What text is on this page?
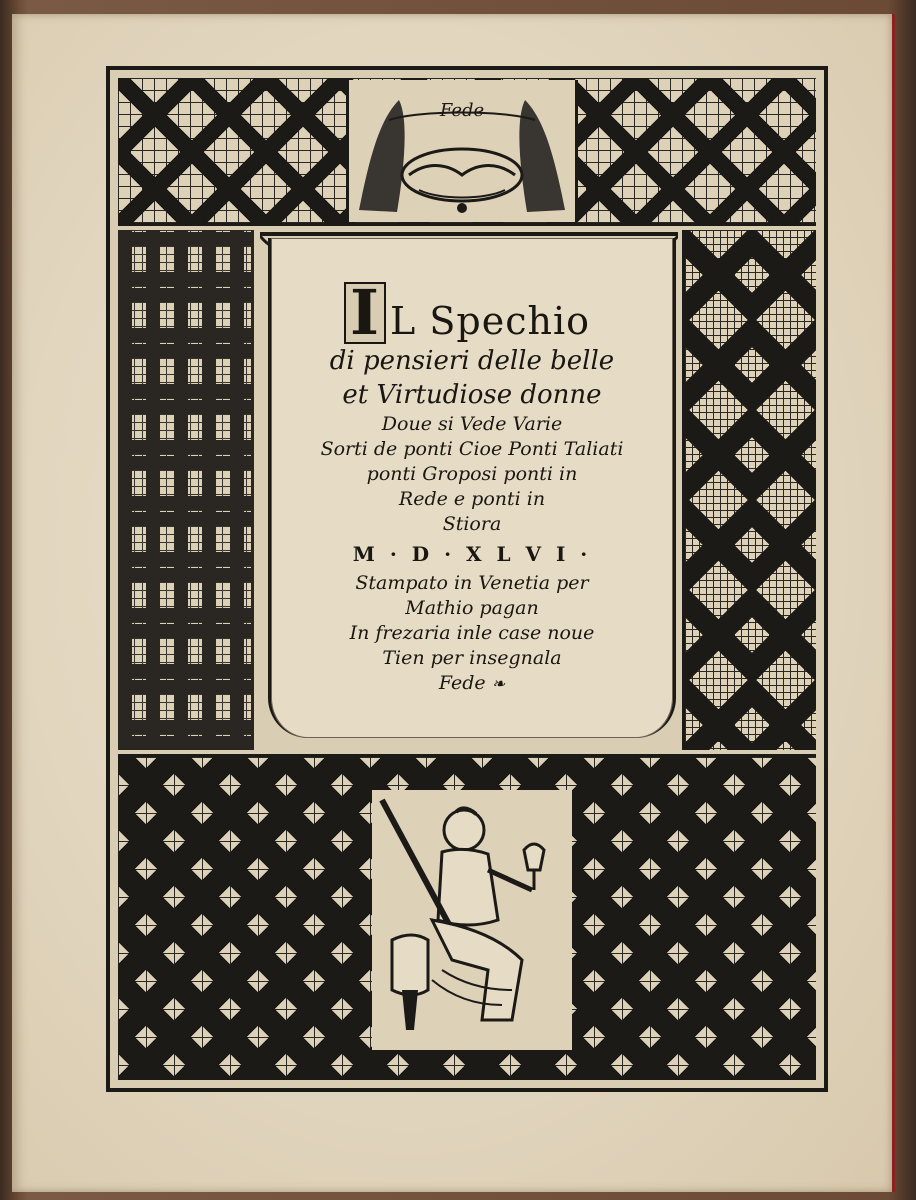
Fede
I L Spechio
di pensieri delle belle
et Virtudiose donne
Doue si Vede Varie
Sorti de ponti Cioe Ponti Taliati
ponti Groposi ponti in
Rede e ponti in
Stiora
M · D · X L V I ·
Stampato in Venetia per
Mathio pagan
In frezaria inle case noue
Tien per insegnala
Fede ❧
